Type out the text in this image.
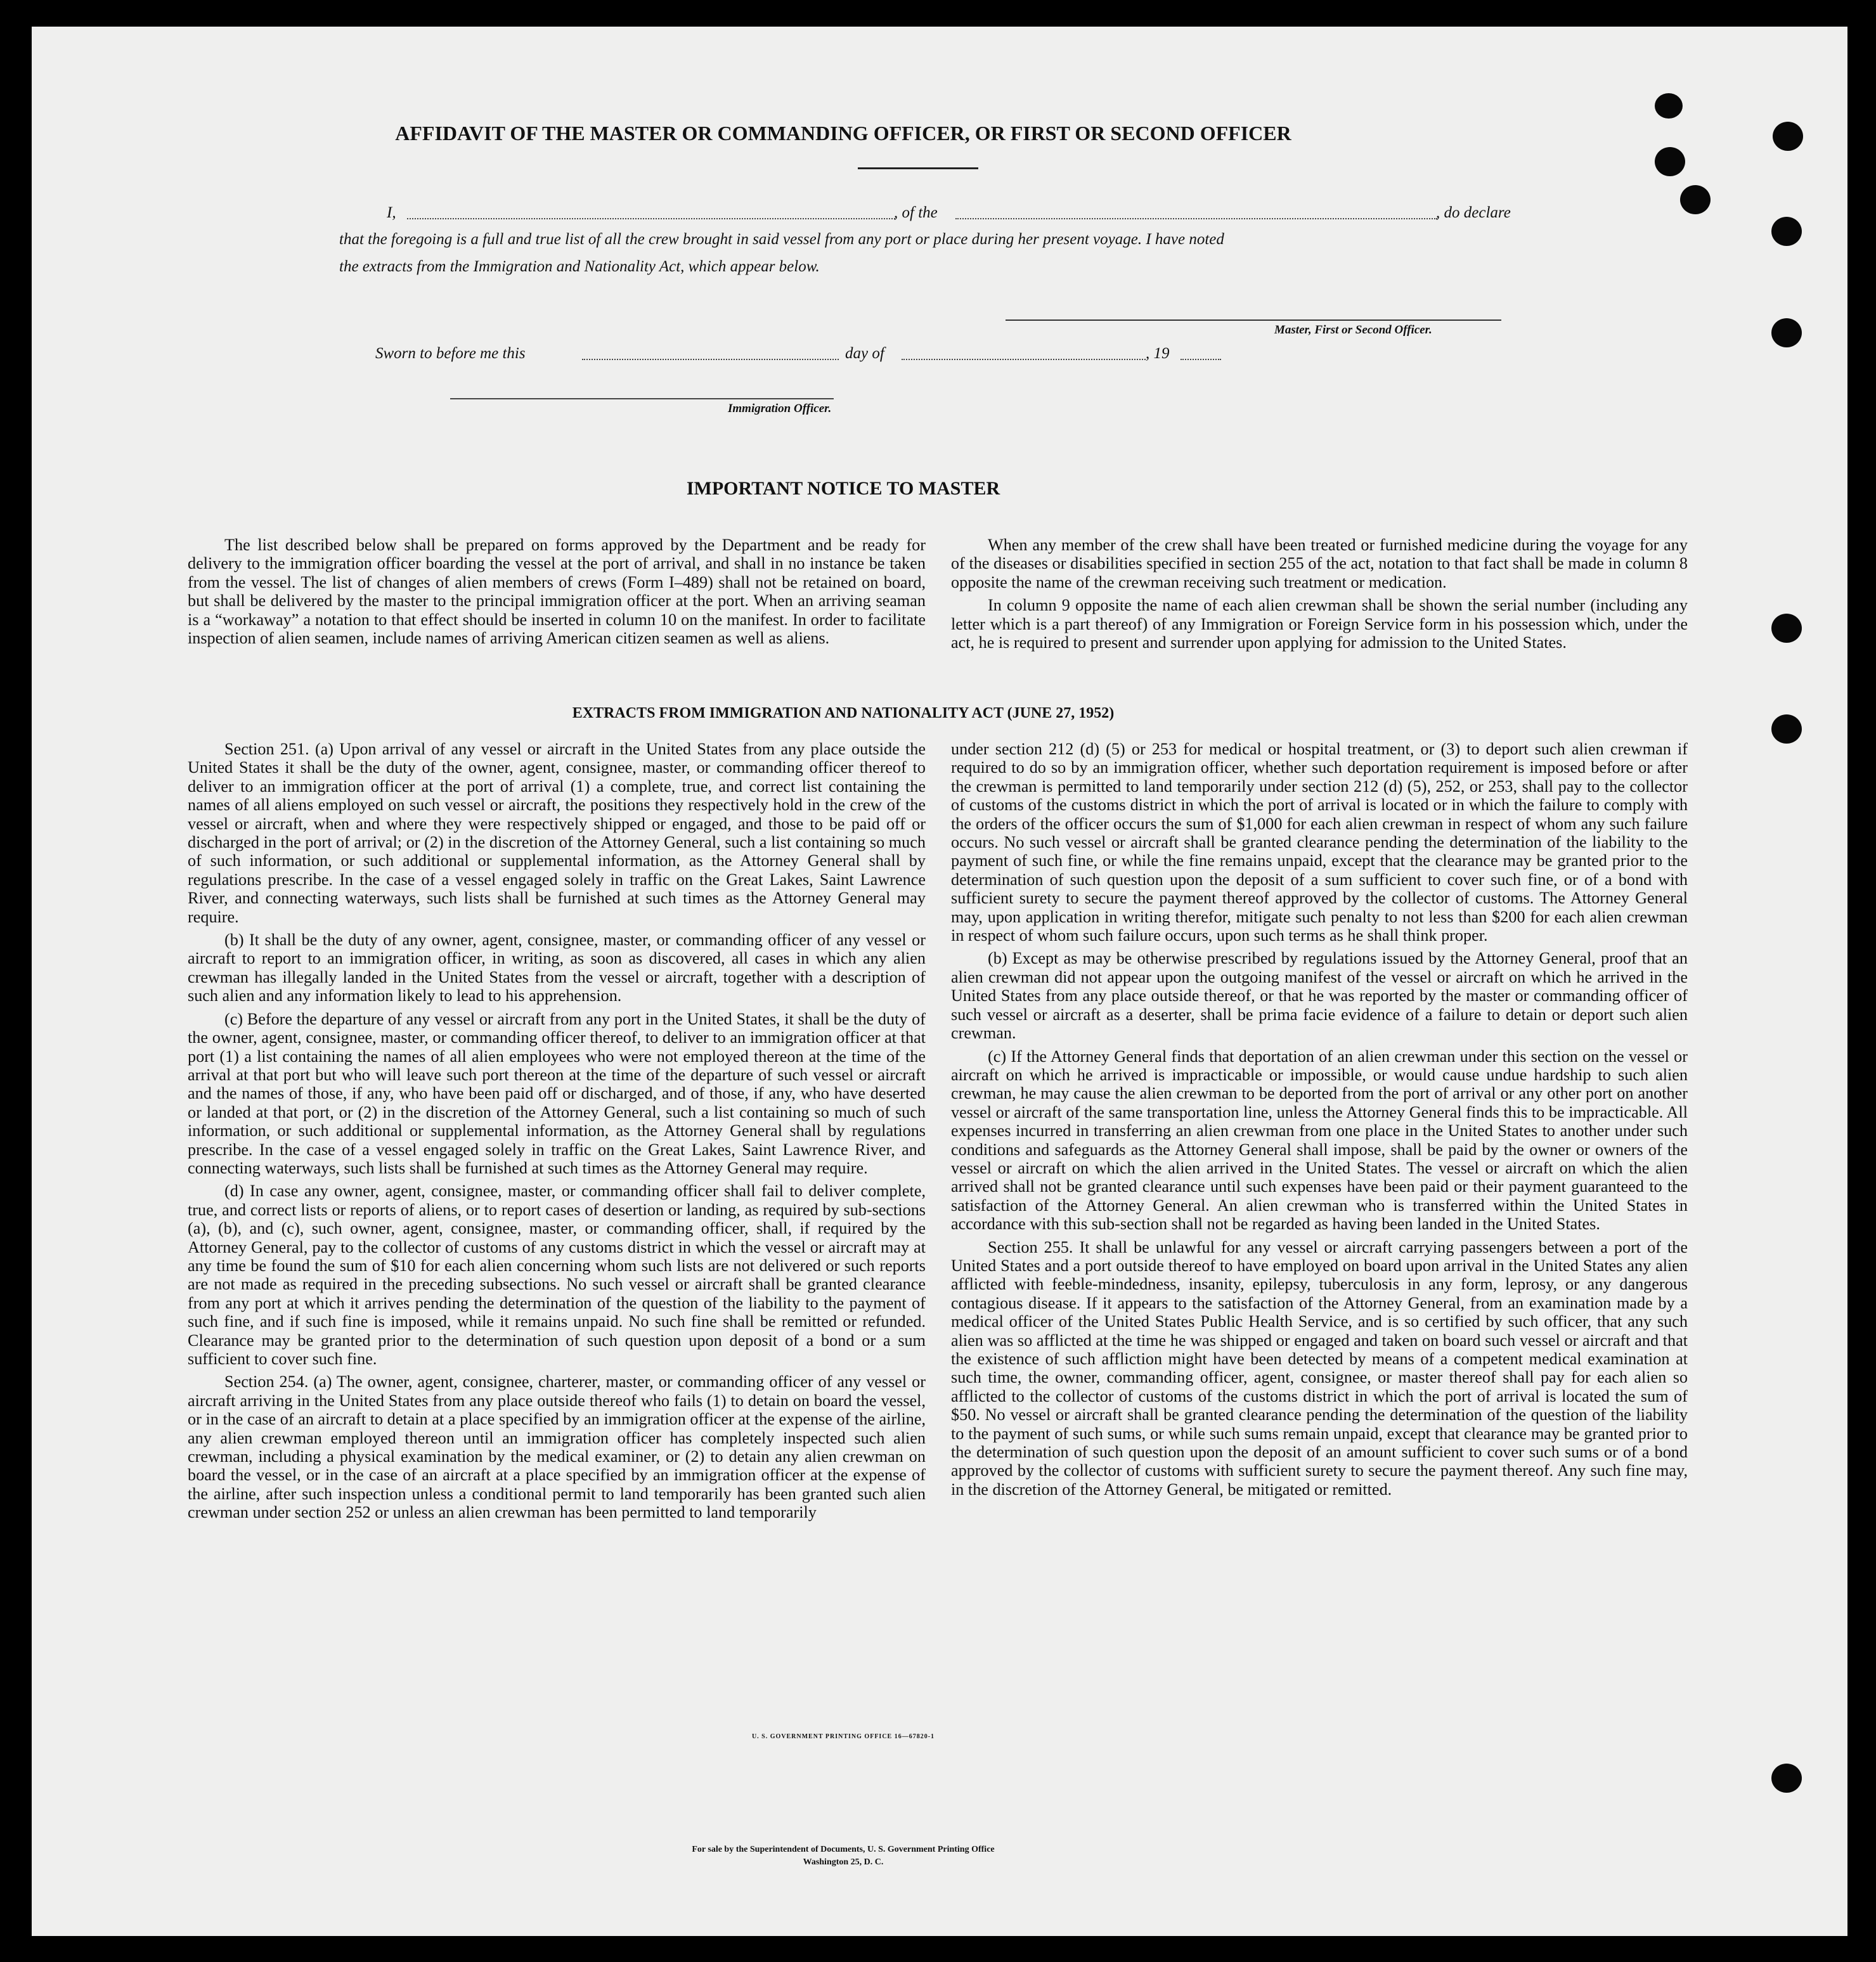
AFFIDAVIT OF THE MASTER OR COMMANDING OFFICER, OR FIRST OR SECOND OFFICER
I,	, of the	, do declare
that the foregoing is a full and true list of all the crew brought in said vessel from any port or place during her present voyage. I have noted
the extracts from the Immigration and Nationality Act, which appear below.
Master, First or Second Officer.
Sworn to before me this	day of	, 19
Immigration Officer.
IMPORTANT NOTICE TO MASTER

The list described below shall be prepared on forms approved by the Department and be ready for delivery to the immigration officer boarding the vessel at the port of arrival, and shall in no instance be taken from the vessel. The list of changes of alien members of crews (Form I–489) shall not be retained on board, but shall be delivered by the master to the principal immigration officer at the port. When an arriving seaman is a “workaway” a notation to that effect should be inserted in column 10 on the manifest. In order to facilitate inspection of alien seamen, include names of arriving American citizen seamen as well as aliens.

When any member of the crew shall have been treated or furnished medicine during the voyage for any of the diseases or disabilities specified in section 255 of the act, notation to that fact shall be made in column 8 opposite the name of the crewman receiving such treatment or medication.

In column 9 opposite the name of each alien crewman shall be shown the serial number (including any letter which is a part thereof) of any Immigration or Foreign Service form in his possession which, under the act, he is required to present and surrender upon applying for admission to the United States.

EXTRACTS FROM IMMIGRATION AND NATIONALITY ACT (JUNE 27, 1952)

Section 251. (a) Upon arrival of any vessel or aircraft in the United States from any place outside the United States it shall be the duty of the owner, agent, consignee, master, or commanding officer thereof to deliver to an immigration officer at the port of arrival (1) a complete, true, and correct list containing the names of all aliens employed on such vessel or aircraft, the positions they respectively hold in the crew of the vessel or aircraft, when and where they were respectively shipped or engaged, and those to be paid off or discharged in the port of arrival; or (2) in the discretion of the Attorney General, such a list containing so much of such information, or such additional or supplemental information, as the Attorney General shall by regulations prescribe. In the case of a vessel engaged solely in traffic on the Great Lakes, Saint Lawrence River, and connecting waterways, such lists shall be furnished at such times as the Attorney General may require.

(b) It shall be the duty of any owner, agent, consignee, master, or commanding officer of any vessel or aircraft to report to an immigration officer, in writing, as soon as discovered, all cases in which any alien crewman has illegally landed in the United States from the vessel or aircraft, together with a description of such alien and any information likely to lead to his apprehension.

(c) Before the departure of any vessel or aircraft from any port in the United States, it shall be the duty of the owner, agent, consignee, master, or commanding officer thereof, to deliver to an immigration officer at that port (1) a list containing the names of all alien employees who were not employed thereon at the time of the arrival at that port but who will leave such port thereon at the time of the departure of such vessel or aircraft and the names of those, if any, who have been paid off or discharged, and of those, if any, who have deserted or landed at that port, or (2) in the discretion of the Attorney General, such a list containing so much of such information, or such additional or supplemental information, as the Attorney General shall by regulations prescribe. In the case of a vessel engaged solely in traffic on the Great Lakes, Saint Lawrence River, and connecting waterways, such lists shall be furnished at such times as the Attorney General may require.

(d) In case any owner, agent, consignee, master, or commanding officer shall fail to deliver complete, true, and correct lists or reports of aliens, or to report cases of desertion or landing, as required by sub-sections (a), (b), and (c), such owner, agent, consignee, master, or commanding officer, shall, if required by the Attorney General, pay to the collector of customs of any customs district in which the vessel or aircraft may at any time be found the sum of $10 for each alien concerning whom such lists are not delivered or such reports are not made as required in the preceding subsections. No such vessel or aircraft shall be granted clearance from any port at which it arrives pending the determination of the question of the liability to the payment of such fine, and if such fine is imposed, while it remains unpaid. No such fine shall be remitted or refunded. Clearance may be granted prior to the determination of such question upon deposit of a bond or a sum sufficient to cover such fine.

Section 254. (a) The owner, agent, consignee, charterer, master, or commanding officer of any vessel or aircraft arriving in the United States from any place outside thereof who fails (1) to detain on board the vessel, or in the case of an aircraft to detain at a place specified by an immigration officer at the expense of the airline, any alien crewman employed thereon until an immigration officer has completely inspected such alien crewman, including a physical examination by the medical examiner, or (2) to detain any alien crewman on board the vessel, or in the case of an aircraft at a place specified by an immigration officer at the expense of the airline, after such inspection unless a conditional permit to land temporarily has been granted such alien crewman under section 252 or unless an alien crewman has been permitted to land temporarily

under section 212 (d) (5) or 253 for medical or hospital treatment, or (3) to deport such alien crewman if required to do so by an immigration officer, whether such deportation requirement is imposed before or after the crewman is permitted to land temporarily under section 212 (d) (5), 252, or 253, shall pay to the collector of customs of the customs district in which the port of arrival is located or in which the failure to comply with the orders of the officer occurs the sum of $1,000 for each alien crewman in respect of whom any such failure occurs. No such vessel or aircraft shall be granted clearance pending the determination of the liability to the payment of such fine, or while the fine remains unpaid, except that the clearance may be granted prior to the determination of such question upon the deposit of a sum sufficient to cover such fine, or of a bond with sufficient surety to secure the payment thereof approved by the collector of customs. The Attorney General may, upon application in writing therefor, mitigate such penalty to not less than $200 for each alien crewman in respect of whom such failure occurs, upon such terms as he shall think proper.

(b) Except as may be otherwise prescribed by regulations issued by the Attorney General, proof that an alien crewman did not appear upon the outgoing manifest of the vessel or aircraft on which he arrived in the United States from any place outside thereof, or that he was reported by the master or commanding officer of such vessel or aircraft as a deserter, shall be prima facie evidence of a failure to detain or deport such alien crewman.

(c) If the Attorney General finds that deportation of an alien crewman under this section on the vessel or aircraft on which he arrived is impracticable or impossible, or would cause undue hardship to such alien crewman, he may cause the alien crewman to be deported from the port of arrival or any other port on another vessel or aircraft of the same transportation line, unless the Attorney General finds this to be impracticable. All expenses incurred in transferring an alien crewman from one place in the United States to another under such conditions and safeguards as the Attorney General shall impose, shall be paid by the owner or owners of the vessel or aircraft on which the alien arrived in the United States. The vessel or aircraft on which the alien arrived shall not be granted clearance until such expenses have been paid or their payment guaranteed to the satisfaction of the Attorney General. An alien crewman who is transferred within the United States in accordance with this sub-section shall not be regarded as having been landed in the United States.

Section 255. It shall be unlawful for any vessel or aircraft carrying passengers between a port of the United States and a port outside thereof to have employed on board upon arrival in the United States any alien afflicted with feeble-mindedness, insanity, epilepsy, tuberculosis in any form, leprosy, or any dangerous contagious disease. If it appears to the satisfaction of the Attorney General, from an examination made by a medical officer of the United States Public Health Service, and is so certified by such officer, that any such alien was so afflicted at the time he was shipped or engaged and taken on board such vessel or aircraft and that the existence of such affliction might have been detected by means of a competent medical examination at such time, the owner, commanding officer, agent, consignee, or master thereof shall pay for each alien so afflicted to the collector of customs of the customs district in which the port of arrival is located the sum of $50. No vessel or aircraft shall be granted clearance pending the determination of the question of the liability to the payment of such sums, or while such sums remain unpaid, except that clearance may be granted prior to the determination of such question upon the deposit of an amount sufficient to cover such sums or of a bond approved by the collector of customs with sufficient surety to secure the payment thereof. Any such fine may, in the discretion of the Attorney General, be mitigated or remitted.

U. S. GOVERNMENT PRINTING OFFICE 16—67820-1
For sale by the Superintendent of Documents, U. S. Government Printing Office
Washington 25, D. C.
